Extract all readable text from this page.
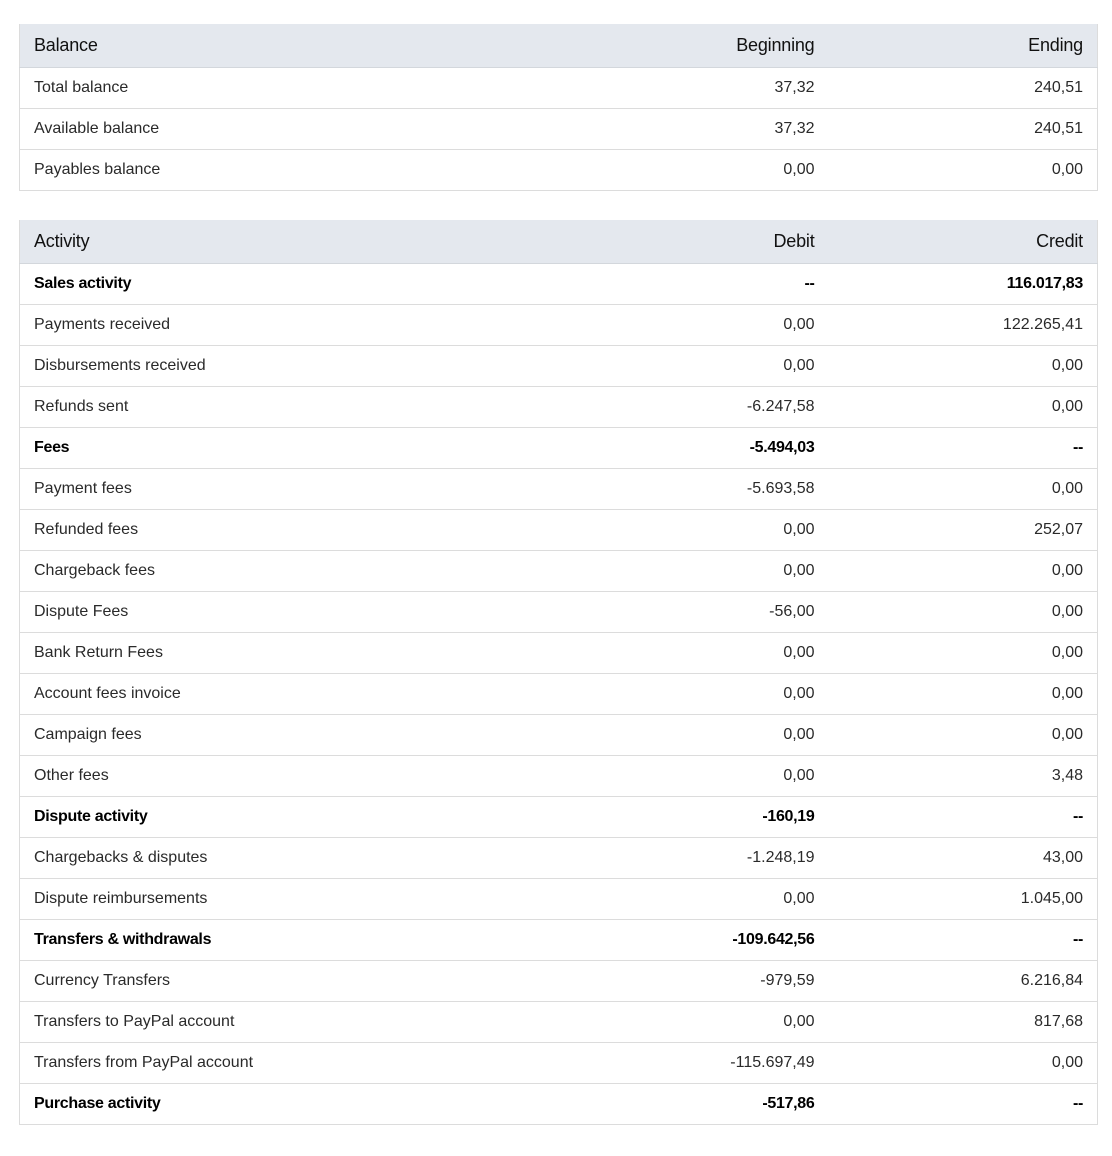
Balance	Beginning	Ending
Total balance	37,32	240,51
Available balance	37,32	240,51
Payables balance	0,00	0,00
Activity	Debit	Credit
Sales activity	--	116.017,83
Payments received	0,00	122.265,41
Disbursements received	0,00	0,00
Refunds sent	-6.247,58	0,00
Fees	-5.494,03	--
Payment fees	-5.693,58	0,00
Refunded fees	0,00	252,07
Chargeback fees	0,00	0,00
Dispute Fees	-56,00	0,00
Bank Return Fees	0,00	0,00
Account fees invoice	0,00	0,00
Campaign fees	0,00	0,00
Other fees	0,00	3,48
Dispute activity	-160,19	--
Chargebacks & disputes	-1.248,19	43,00
Dispute reimbursements	0,00	1.045,00
Transfers & withdrawals	-109.642,56	--
Currency Transfers	-979,59	6.216,84
Transfers to PayPal account	0,00	817,68
Transfers from PayPal account	-115.697,49	0,00
Purchase activity	-517,86	--
